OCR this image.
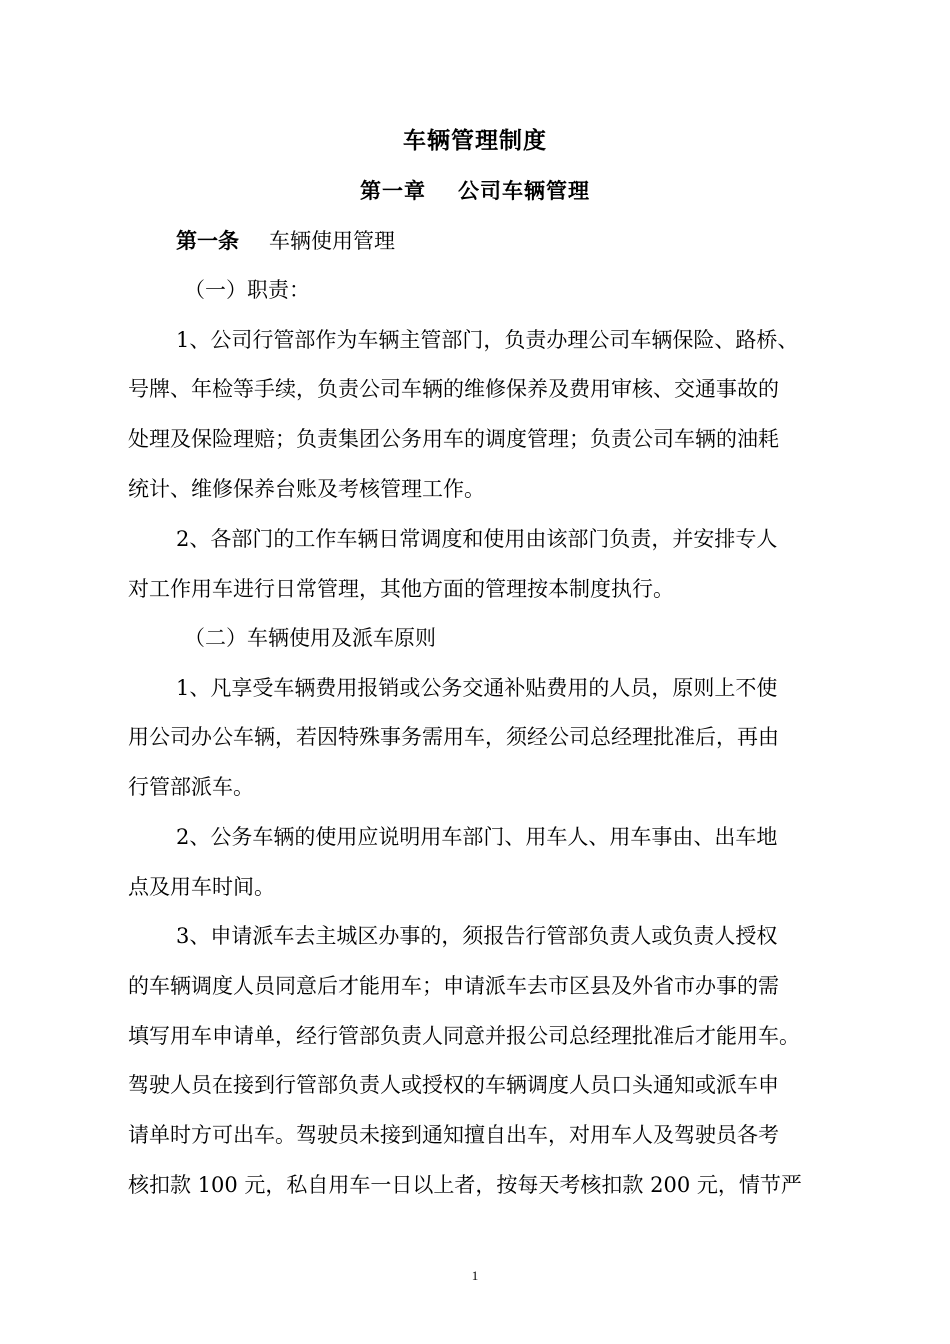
车辆管理制度
第一章 公司车辆管理
第一条 车辆使用管理
（一）职责：
1、公司行管部作为车辆主管部门，负责办理公司车辆保险、路桥、
号牌、年检等手续，负责公司车辆的维修保养及费用审核、交通事故的
处理及保险理赔；负责集团公务用车的调度管理；负责公司车辆的油耗
统计、维修保养台账及考核管理工作。
2、各部门的工作车辆日常调度和使用由该部门负责，并安排专人
对工作用车进行日常管理，其他方面的管理按本制度执行。
（二）车辆使用及派车原则
1、凡享受车辆费用报销或公务交通补贴费用的人员，原则上不使
用公司办公车辆，若因特殊事务需用车，须经公司总经理批准后，再由
行管部派车。
2、公务车辆的使用应说明用车部门、用车人、用车事由、出车地
点及用车时间。
3、申请派车去主城区办事的，须报告行管部负责人或负责人授权
的车辆调度人员同意后才能用车；申请派车去市区县及外省市办事的需
填写用车申请单，经行管部负责人同意并报公司总经理批准后才能用车。
驾驶人员在接到行管部负责人或授权的车辆调度人员口头通知或派车申
请单时方可出车。驾驶员未接到通知擅自出车，对用车人及驾驶员各考
核扣款 100 元，私自用车一日以上者，按每天考核扣款 200 元，情节严
1
